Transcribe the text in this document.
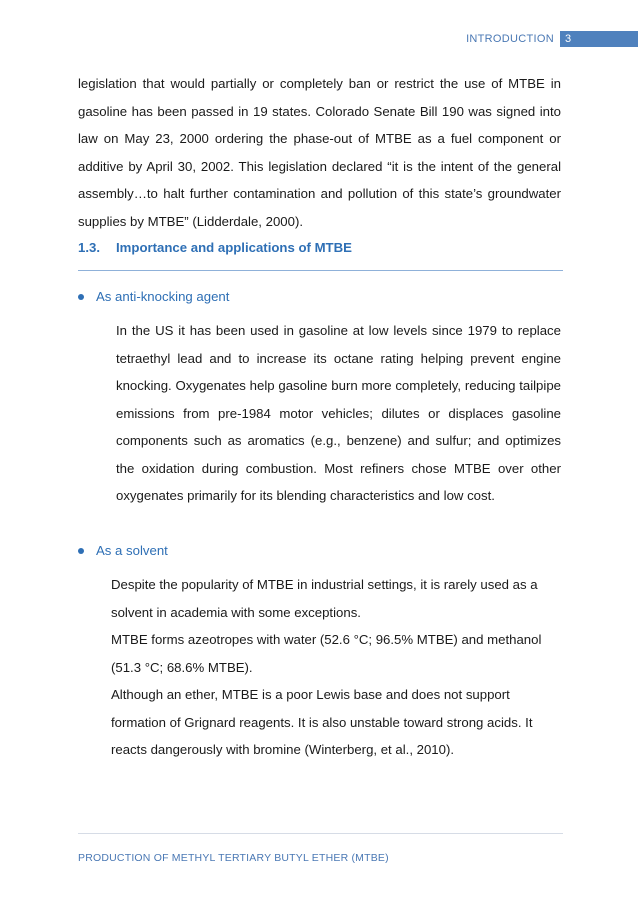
INTRODUCTION	3
legislation that would partially or completely ban or restrict the use of MTBE in gasoline has been passed in 19 states. Colorado Senate Bill 190 was signed into law on May 23, 2000 ordering the phase-out of MTBE as a fuel component or additive by April 30, 2002. This legislation declared “it is the intent of the general assembly…to halt further contamination and pollution of this state’s groundwater supplies by MTBE” (Lidderdale, 2000).
1.3. Importance and applications of MTBE
As anti-knocking agent
In the US it has been used in gasoline at low levels since 1979 to replace tetraethyl lead and to increase its octane rating helping prevent engine knocking. Oxygenates help gasoline burn more completely, reducing tailpipe emissions from pre-1984 motor vehicles; dilutes or displaces gasoline components such as aromatics (e.g., benzene) and sulfur; and optimizes the oxidation during combustion. Most refiners chose MTBE over other oxygenates primarily for its blending characteristics and low cost.
As a solvent
Despite the popularity of MTBE in industrial settings, it is rarely used as a solvent in academia with some exceptions.
MTBE forms azeotropes with water (52.6 °C; 96.5% MTBE) and methanol (51.3 °C; 68.6% MTBE).
Although an ether, MTBE is a poor Lewis base and does not support formation of Grignard reagents. It is also unstable toward strong acids. It reacts dangerously with bromine (Winterberg, et al., 2010).
PRODUCTION OF METHYL TERTIARY BUTYL ETHER (MTBE)
